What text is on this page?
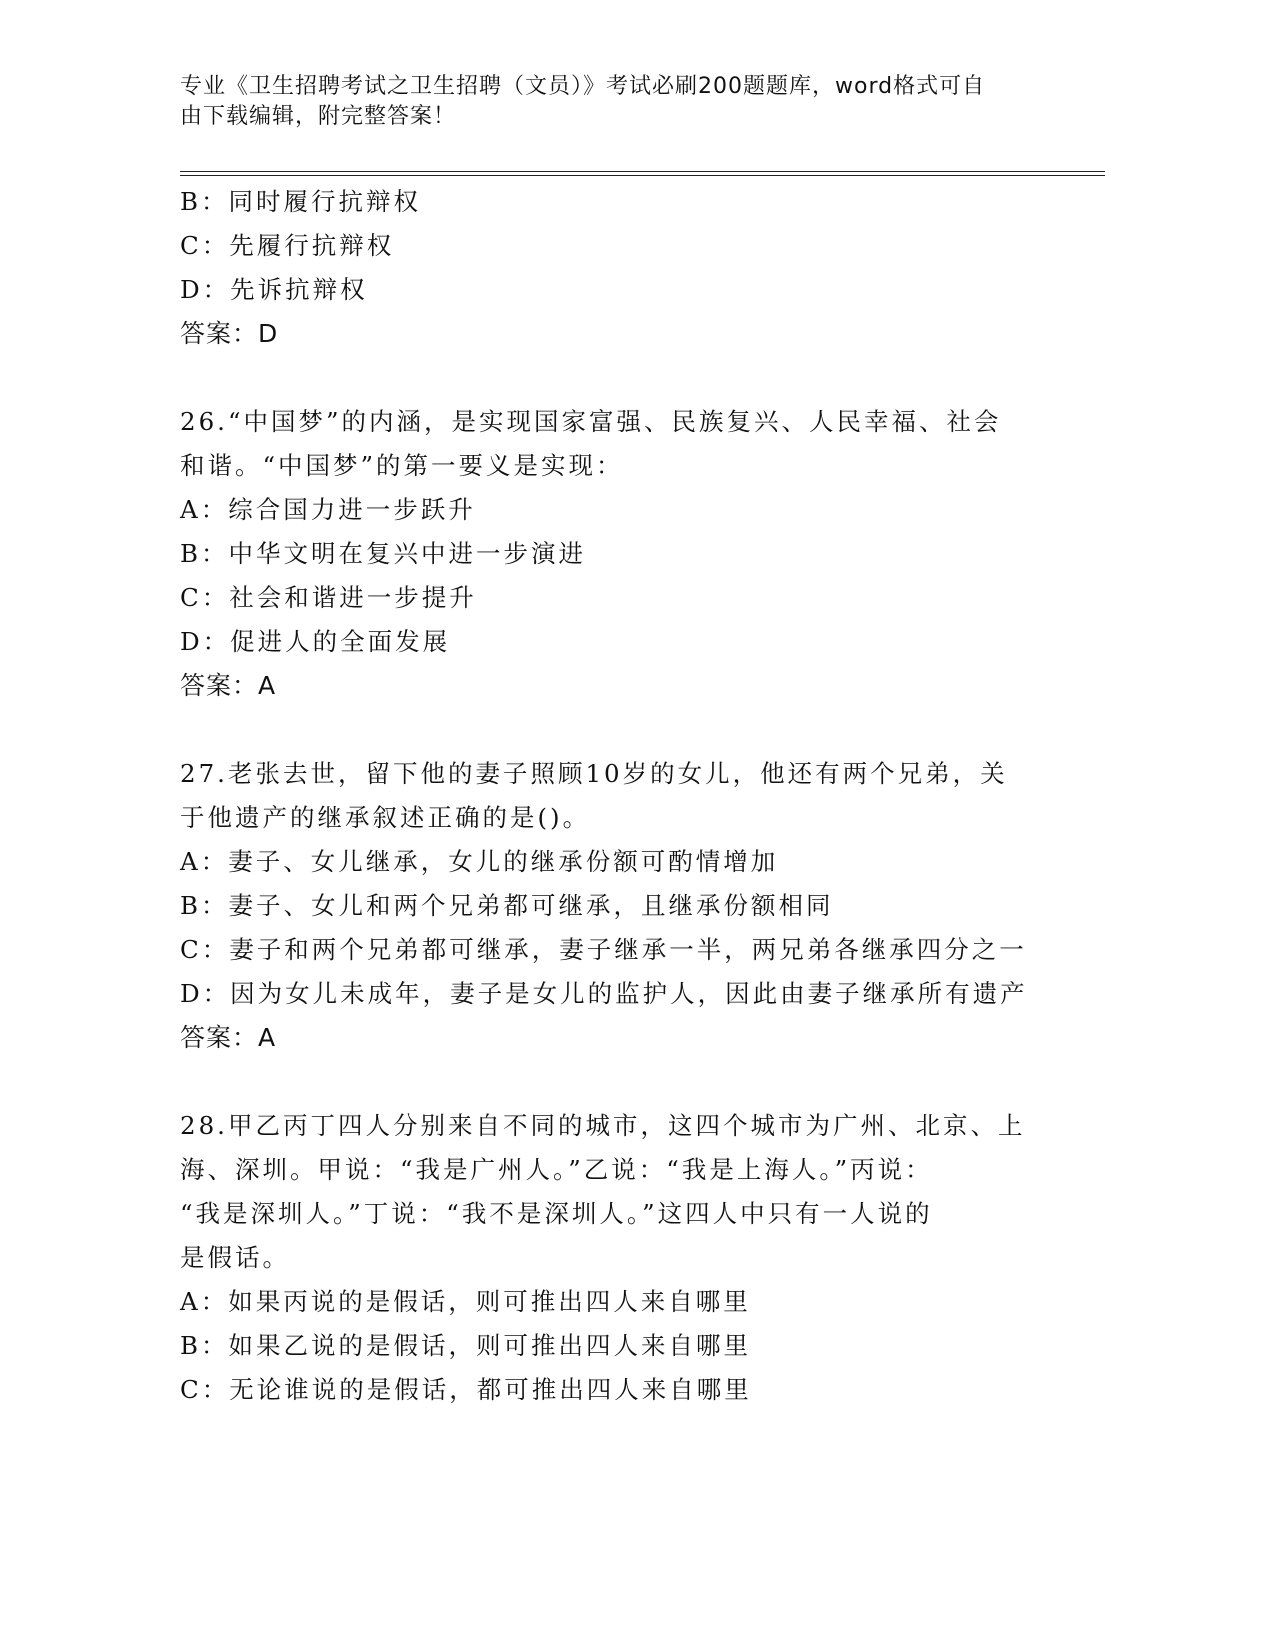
专业《卫生招聘考试之卫生招聘（文员）》考试必刷200题题库，word格式可自
由下载编辑，附完整答案！
B：同时履行抗辩权
C：先履行抗辩权
D：先诉抗辩权
答案：D
26.“中国梦”的内涵，是实现国家富强、民族复兴、人民幸福、社会
和谐。“中国梦”的第一要义是实现：
A：综合国力进一步跃升
B：中华文明在复兴中进一步演进
C：社会和谐进一步提升
D：促进人的全面发展
答案：A
27.老张去世，留下他的妻子照顾10岁的女儿，他还有两个兄弟，关
于他遗产的继承叙述正确的是()。
A：妻子、女儿继承，女儿的继承份额可酌情增加
B：妻子、女儿和两个兄弟都可继承，且继承份额相同
C：妻子和两个兄弟都可继承，妻子继承一半，两兄弟各继承四分之一
D：因为女儿未成年，妻子是女儿的监护人，因此由妻子继承所有遗产
答案：A
28.甲乙丙丁四人分别来自不同的城市，这四个城市为广州、北京、上
海、深圳。甲说：“我是广州人。”乙说：“我是上海人。”丙说：
“我是深圳人。”丁说：“我不是深圳人。”这四人中只有一人说的
是假话。
A：如果丙说的是假话，则可推出四人来自哪里
B：如果乙说的是假话，则可推出四人来自哪里
C：无论谁说的是假话，都可推出四人来自哪里
